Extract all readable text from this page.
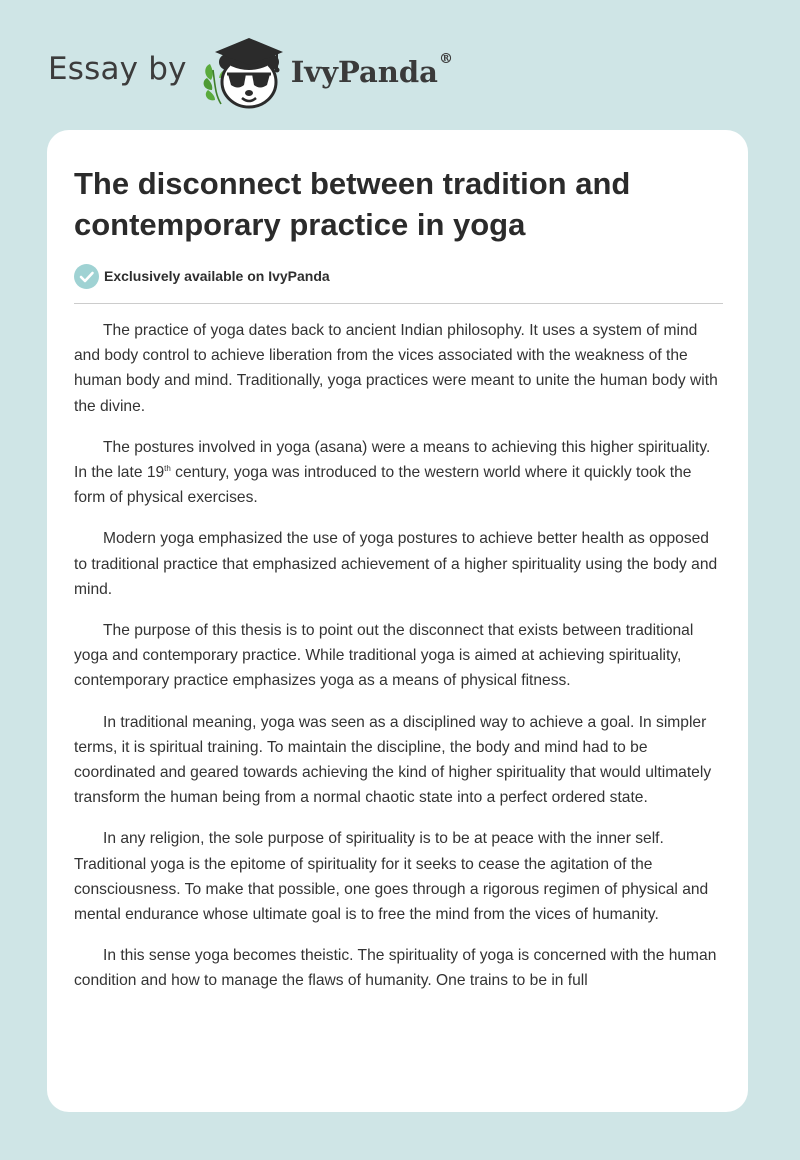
Essay by	IvyPanda®
The disconnect between tradition and contemporary practice in yoga
Exclusively available on IvyPanda

The practice of yoga dates back to ancient Indian philosophy. It uses a system of mind and body control to achieve liberation from the vices associated with the weakness of the human body and mind. Traditionally, yoga practices were meant to unite the human body with the divine.

The postures involved in yoga (asana) were a means to achieving this higher spirituality. In the late 19th century, yoga was introduced to the western world where it quickly took the form of physical exercises.

Modern yoga emphasized the use of yoga postures to achieve better health as opposed to traditional practice that emphasized achievement of a higher spirituality using the body and mind.

The purpose of this thesis is to point out the disconnect that exists between traditional yoga and contemporary practice. While traditional yoga is aimed at achieving spirituality, contemporary practice emphasizes yoga as a means of physical fitness.

In traditional meaning, yoga was seen as a disciplined way to achieve a goal. In simpler terms, it is spiritual training. To maintain the discipline, the body and mind had to be coordinated and geared towards achieving the kind of higher spirituality that would ultimately transform the human being from a normal chaotic state into a perfect ordered state.

In any religion, the sole purpose of spirituality is to be at peace with the inner self. Traditional yoga is the epitome of spirituality for it seeks to cease the agitation of the consciousness. To make that possible, one goes through a rigorous regimen of physical and mental endurance whose ultimate goal is to free the mind from the vices of humanity.

In this sense yoga becomes theistic. The spirituality of yoga is concerned with the human condition and how to manage the flaws of humanity. One trains to be in full
